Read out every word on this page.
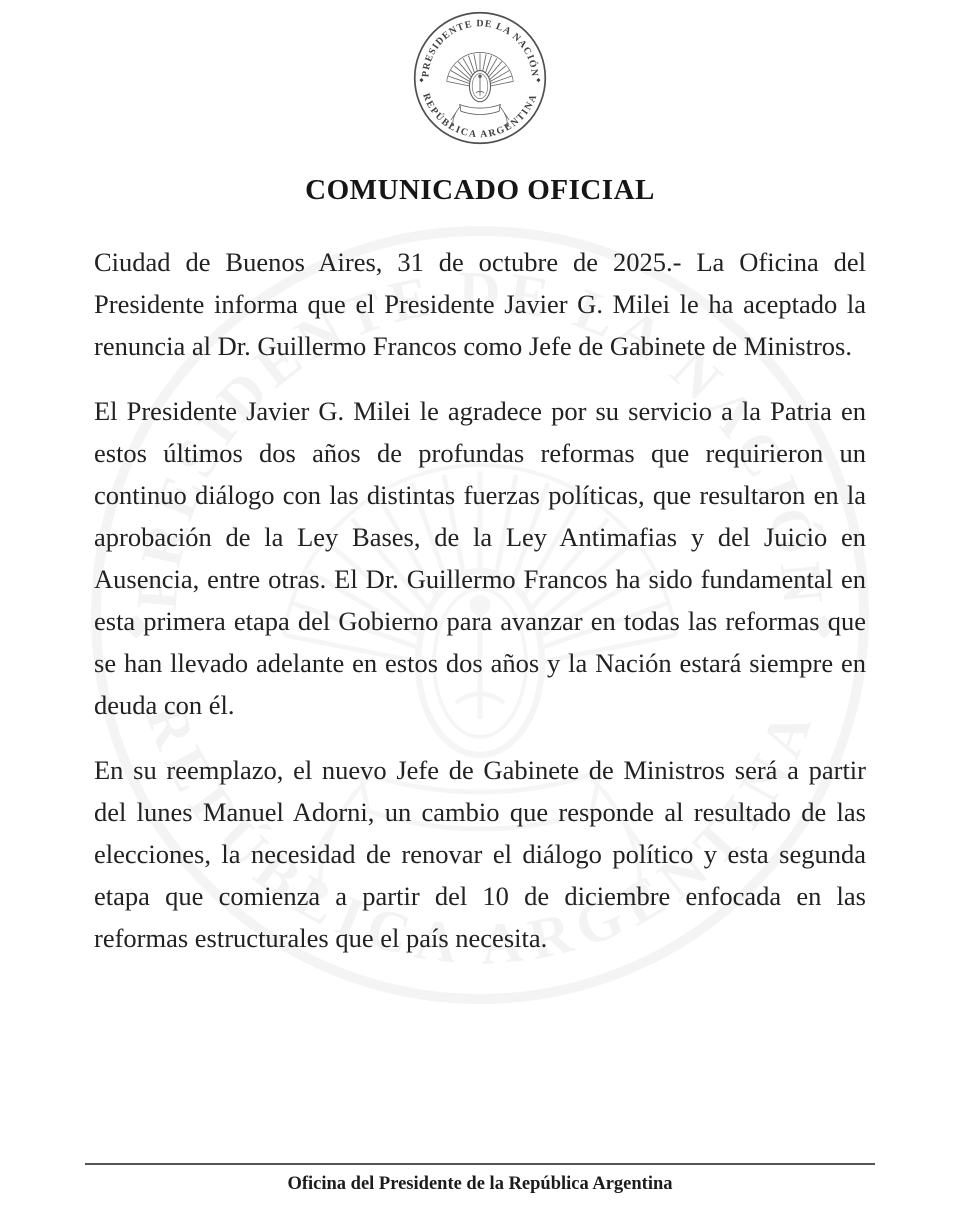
COMUNICADO OFICIAL

Ciudad de Buenos Aires, 31 de octubre de 2025.- La Oficina del Presidente informa que el Presidente Javier G. Milei le ha aceptado la renuncia al Dr. Guillermo Francos como Jefe de Gabinete de Ministros.

El Presidente Javier G. Milei le agradece por su servicio a la Patria en estos últimos dos años de profundas reformas que requirieron un continuo diálogo con las distintas fuerzas políticas, que resultaron en la aprobación de la Ley Bases, de la Ley Antimafias y del Juicio en Ausencia, entre otras. El Dr. Guillermo Francos ha sido fundamental en esta primera etapa del Gobierno para avanzar en todas las reformas que se han llevado adelante en estos dos años y la Nación estará siempre en deuda con él.

En su reemplazo, el nuevo Jefe de Gabinete de Ministros será a partir del lunes Manuel Adorni, un cambio que responde al resultado de las elecciones, la necesidad de renovar el diálogo político y esta segunda etapa que comienza a partir del 10 de diciembre enfocada en las reformas estructurales que el país necesita.

Oficina del Presidente de la República Argentina
